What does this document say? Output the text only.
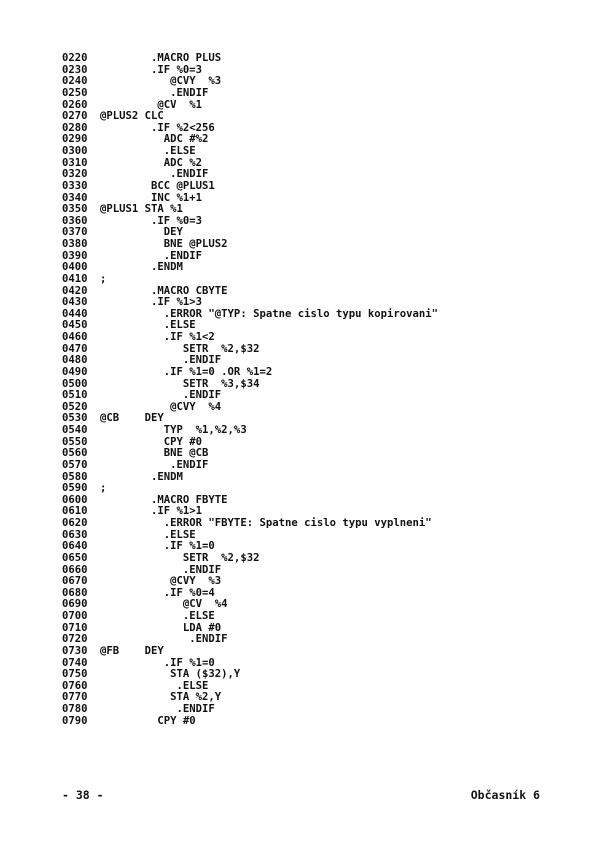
0220        .MACRO PLUS
0230        .IF %0=3
0240           @CVY  %3
0250           .ENDIF
0260         @CV  %1
0270 @PLUS2 CLC
0280        .IF %2<256
0290          ADC #%2
0300          .ELSE
0310          ADC %2
0320           .ENDIF
0330        BCC @PLUS1
0340        INC %1+1
0350 @PLUS1 STA %1
0360        .IF %0=3
0370          DEY
0380          BNE @PLUS2
0390          .ENDIF
0400        .ENDM
0410 ;
0420        .MACRO CBYTE
0430        .IF %1>3
0440          .ERROR "@TYP: Spatne cislo typu kopirovani"
0450          .ELSE
0460          .IF %1<2
0470             SETR  %2,$32
0480             .ENDIF
0490          .IF %1=0 .OR %1=2
0500             SETR  %3,$34
0510             .ENDIF
0520           @CVY  %4
0530 @CB    DEY
0540          TYP  %1,%2,%3
0550          CPY #0
0560          BNE @CB
0570           .ENDIF
0580        .ENDM
0590 ;
0600        .MACRO FBYTE
0610        .IF %1>1
0620          .ERROR "FBYTE: Spatne cislo typu vyplneni"
0630          .ELSE
0640          .IF %1=0
0650             SETR  %2,$32
0660             .ENDIF
0670           @CVY  %3
0680          .IF %0=4
0690             @CV  %4
0700             .ELSE
0710             LDA #0
0720              .ENDIF
0730 @FB    DEY
0740          .IF %1=0
0750           STA ($32),Y
0760            .ELSE
0770           STA %2,Y
0780            .ENDIF
0790         CPY #0
- 38 -	Občasník 6
